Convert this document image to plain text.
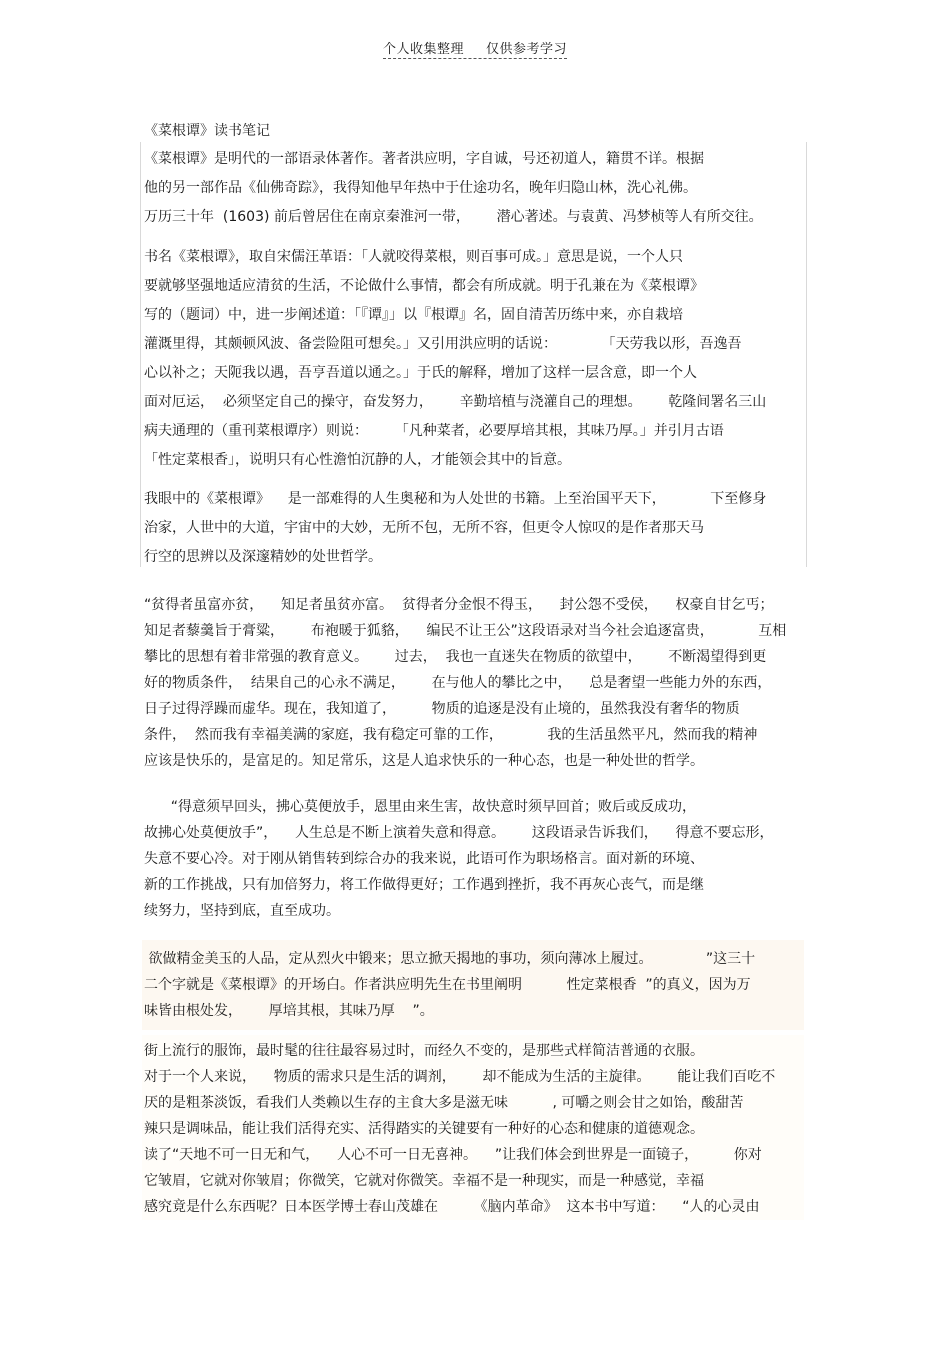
个人收集整理 仅供参考学习
《菜根谭》读书笔记
《菜根谭》是明代的一部语录体著作。著者洪应明，字自诚，号还初道人，籍贯不详。根据
他的另一部作品《仙佛奇踪》，我得知他早年热中于仕途功名，晚年归隐山林，洗心礼佛。
万历三十年  (1603) 前后曾居住在南京秦淮河一带，      潜心著述。与袁黄、冯梦桢等人有所交往。
书名《菜根谭》，取自宋儒汪革语：「人就咬得菜根，则百事可成。」意思是说，一个人只
要就够坚强地适应清贫的生活，不论做什么事情，都会有所成就。明于孔兼在为《菜根谭》
写的（题词）中，进一步阐述道：「『谭』」以『根谭』名，固自清苦历练中来，亦自栽培
灌溉里得，其颇顿风波、备尝险阻可想矣。」又引用洪应明的话说：          「天劳我以形，吾逸吾
心以补之；天阨我以遇，吾亨吾道以通之。」于氏的解释，增加了这样一层含意，即一个人
面对厄运，  必须坚定自己的操守，奋发努力，      辛勤培植与浇灌自己的理想。      乾隆间署名三山
病夫通理的（重刊菜根谭序）则说：      「凡种菜者，必要厚培其根，其味乃厚。」并引月古语
「性定菜根香」，说明只有心性澹怕沉静的人，才能领会其中的旨意。
我眼中的《菜根谭》    是一部难得的人生奥秘和为人处世的书籍。上至治国平天下，          下至修身
治家，人世中的大道，宇宙中的大妙，无所不包，无所不容，但更令人惊叹的是作者那天马
行空的思辨以及深邃精妙的处世哲学。
“贫得者虽富亦贫，    知足者虽贫亦富。  贫得者分金恨不得玉，    封公怨不受侯，    权豪自甘乞丐；
知足者藜羹旨于膏粱，      布袍暖于狐貉，    编民不让王公”这段语录对当今社会追逐富贵，          互相
攀比的思想有着非常强的教育意义。      过去，  我也一直迷失在物质的欲望中，      不断渴望得到更
好的物质条件，  结果自己的心永不满足，      在与他人的攀比之中，    总是奢望一些能力外的东西，
日子过得浮躁而虚华。现在，我知道了，        物质的追逐是没有止境的，虽然我没有奢华的物质
条件，  然而我有幸福美满的家庭，我有稳定可靠的工作，          我的生活虽然平凡，然而我的精神
应该是快乐的，是富足的。知足常乐，这是人追求快乐的一种心态，也是一种处世的哲学。
“得意须早回头，拂心莫便放手，恩里由来生害，故快意时须早回首；败后或反成功，
故拂心处莫便放手”，    人生总是不断上演着失意和得意。      这段语录告诉我们，    得意不要忘形，
失意不要心冷。对于刚从销售转到综合办的我来说，此语可作为职场格言。面对新的环境、
新的工作挑战，只有加倍努力，将工作做得更好；工作遇到挫折，我不再灰心丧气，而是继
续努力，坚持到底，直至成功。
欲做精金美玉的人品，定从烈火中锻来；思立掀天揭地的事功，须向薄冰上履过。            ”这三十
二个字就是《菜根谭》的开场白。作者洪应明先生在书里阐明          性定菜根香  ”的真义，因为万
味皆由根处发，      厚培其根，其味乃厚    ”。
街上流行的服饰，最时髦的往往最容易过时，而经久不变的，是那些式样简洁普通的衣服。
对于一个人来说，    物质的需求只是生活的调剂，      却不能成为生活的主旋律。      能让我们百吃不
厌的是粗茶淡饭，看我们人类赖以生存的主食大多是滋无味          , 可嚼之则会甘之如饴，酸甜苦
辣只是调味品，能让我们活得充实、活得踏实的关键要有一种好的心态和健康的道德观念。
读了“天地不可一日无和气，    人心不可一日无喜神。    ”让我们体会到世界是一面镜子，        你对
它皱眉，它就对你皱眉；你微笑，它就对你微笑。幸福不是一种现实，而是一种感觉，幸福
感究竟是什么东西呢？日本医学博士春山茂雄在        《脑内革命》  这本书中写道：    “人的心灵由
